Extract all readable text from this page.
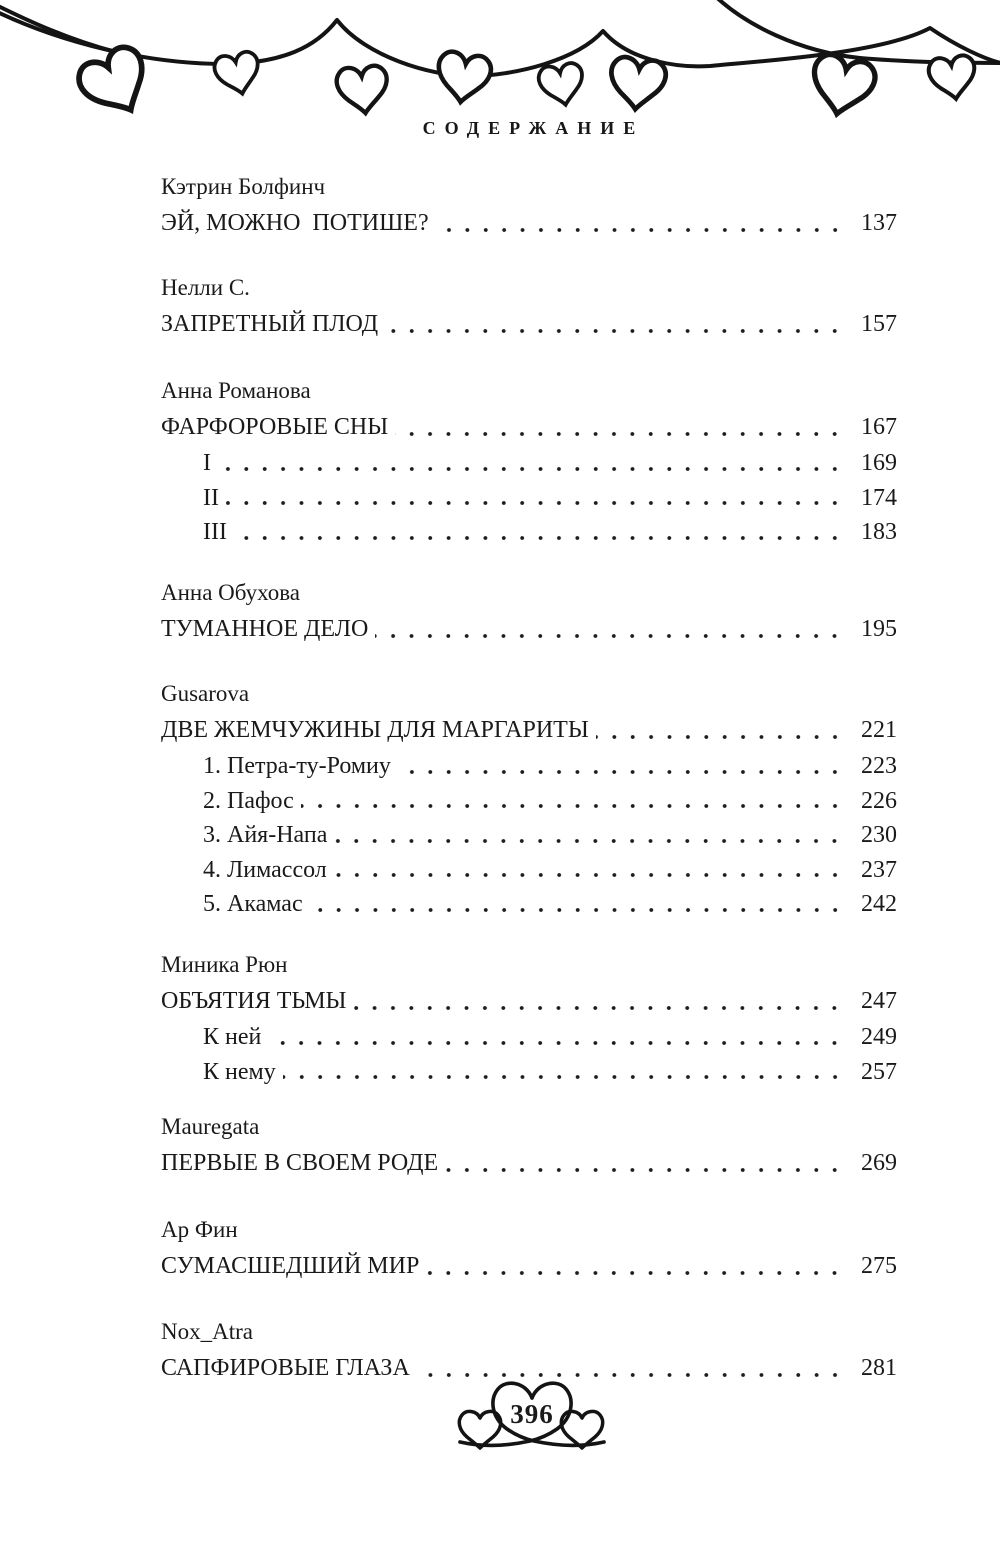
СОДЕРЖАНИЕ
Кэтрин Болфинч
ЭЙ, МОЖНО  ПОТИШЕ?	137
Нелли С.
ЗАПРЕТНЫЙ ПЛОД	157
Анна Романова
ФАРФОРОВЫЕ СНЫ	167
I	169
II	174
III	183
Анна Обухова
ТУМАННОЕ ДЕЛО	195
Gusarova
ДВЕ ЖЕМЧУЖИНЫ ДЛЯ МАРГАРИТЫ	221
1. Петра-ту-Ромиу	223
2. Пафос	226
3. Айя-Напа	230
4. Лимассол	237
5. Акамас	242
Миника Рюн
ОБЪЯТИЯ ТЬМЫ	247
К ней	249
К нему	257
Mauregata
ПЕРВЫЕ В СВОЕМ РОДЕ	269
Ар Фин
СУМАСШЕДШИЙ МИР	275
Nox_Atra
САПФИРОВЫЕ ГЛАЗА	281
396
